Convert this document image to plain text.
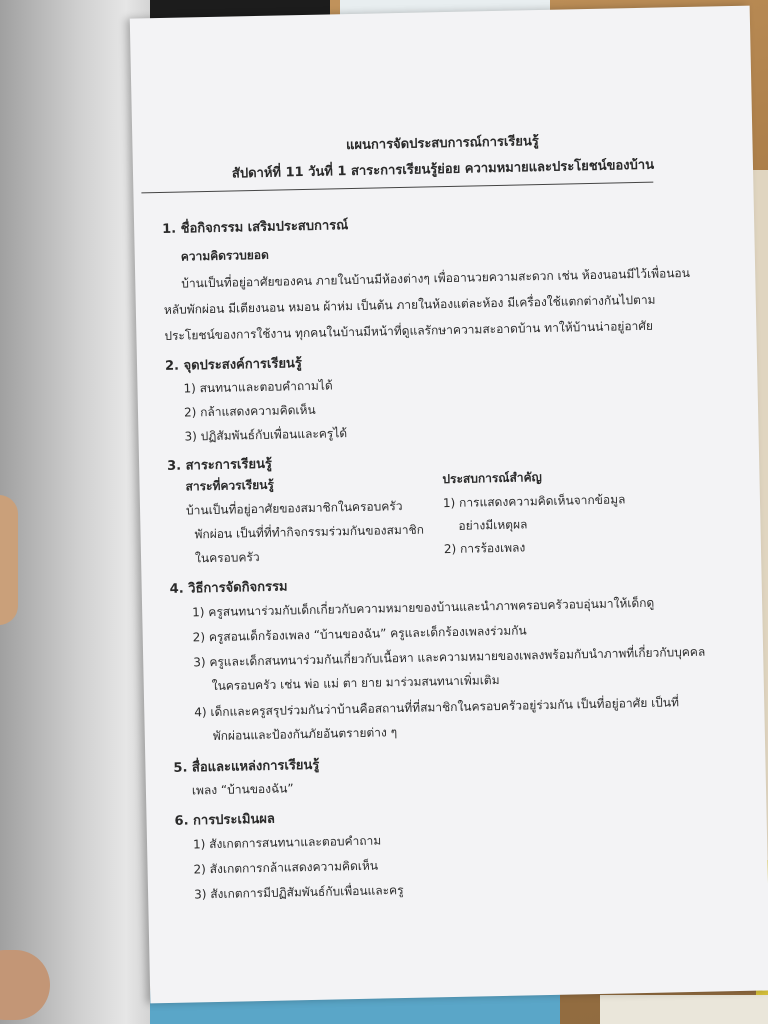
แผนการจัดประสบการณ์การเรียนรู้
สัปดาห์ที่ 11 วันที่ 1 สาระการเรียนรู้ย่อย ความหมายและประโยชน์ของบ้าน
1. ชื่อกิจกรรม เสริมประสบการณ์
ความคิดรวบยอด
บ้านเป็นที่อยู่อาศัยของคน ภายในบ้านมีห้องต่างๆ เพื่ออานวยความสะดวก เช่น ห้องนอนมีไว้เพื่อนอน
หลับพักผ่อน มีเตียงนอน หมอน ผ้าห่ม เป็นต้น ภายในห้องแต่ละห้อง มีเครื่องใช้แตกต่างกันไปตาม
ประโยชน์ของการใช้งาน ทุกคนในบ้านมีหน้าที่ดูแลรักษาความสะอาดบ้าน ทาให้บ้านน่าอยู่อาศัย
2. จุดประสงค์การเรียนรู้
1) สนทนาและตอบคำถามได้
2) กล้าแสดงความคิดเห็น
3) ปฏิสัมพันธ์กับเพื่อนและครูได้
3. สาระการเรียนรู้
สาระที่ควรเรียนรู้
บ้านเป็นที่อยู่อาศัยของสมาชิกในครอบครัว
พักผ่อน เป็นที่ที่ทำกิจกรรมร่วมกันของสมาชิก
ในครอบครัว
ประสบการณ์สำคัญ
1) การแสดงความคิดเห็นจากข้อมูล
อย่างมีเหตุผล
2) การร้องเพลง
4. วิธีการจัดกิจกรรม
1) ครูสนทนาร่วมกับเด็กเกี่ยวกับความหมายของบ้านและนำภาพครอบครัวอบอุ่นมาให้เด็กดู
2) ครูสอนเด็กร้องเพลง “บ้านของฉัน” ครูและเด็กร้องเพลงร่วมกัน
3) ครูและเด็กสนทนาร่วมกันเกี่ยวกับเนื้อหา และความหมายของเพลงพร้อมกับนำภาพที่เกี่ยวกับบุคคล
ในครอบครัว เช่น พ่อ แม่ ตา ยาย มาร่วมสนทนาเพิ่มเติม
4) เด็กและครูสรุปร่วมกันว่าบ้านคือสถานที่ที่สมาชิกในครอบครัวอยู่ร่วมกัน เป็นที่อยู่อาศัย เป็นที่
พักผ่อนและป้องกันภัยอันตรายต่าง ๆ
5. สื่อและแหล่งการเรียนรู้
เพลง “บ้านของฉัน”
6. การประเมินผล
1) สังเกตการสนทนาและตอบคำถาม
2) สังเกตการกล้าแสดงความคิดเห็น
3) สังเกตการมีปฏิสัมพันธ์กับเพื่อนและครู
